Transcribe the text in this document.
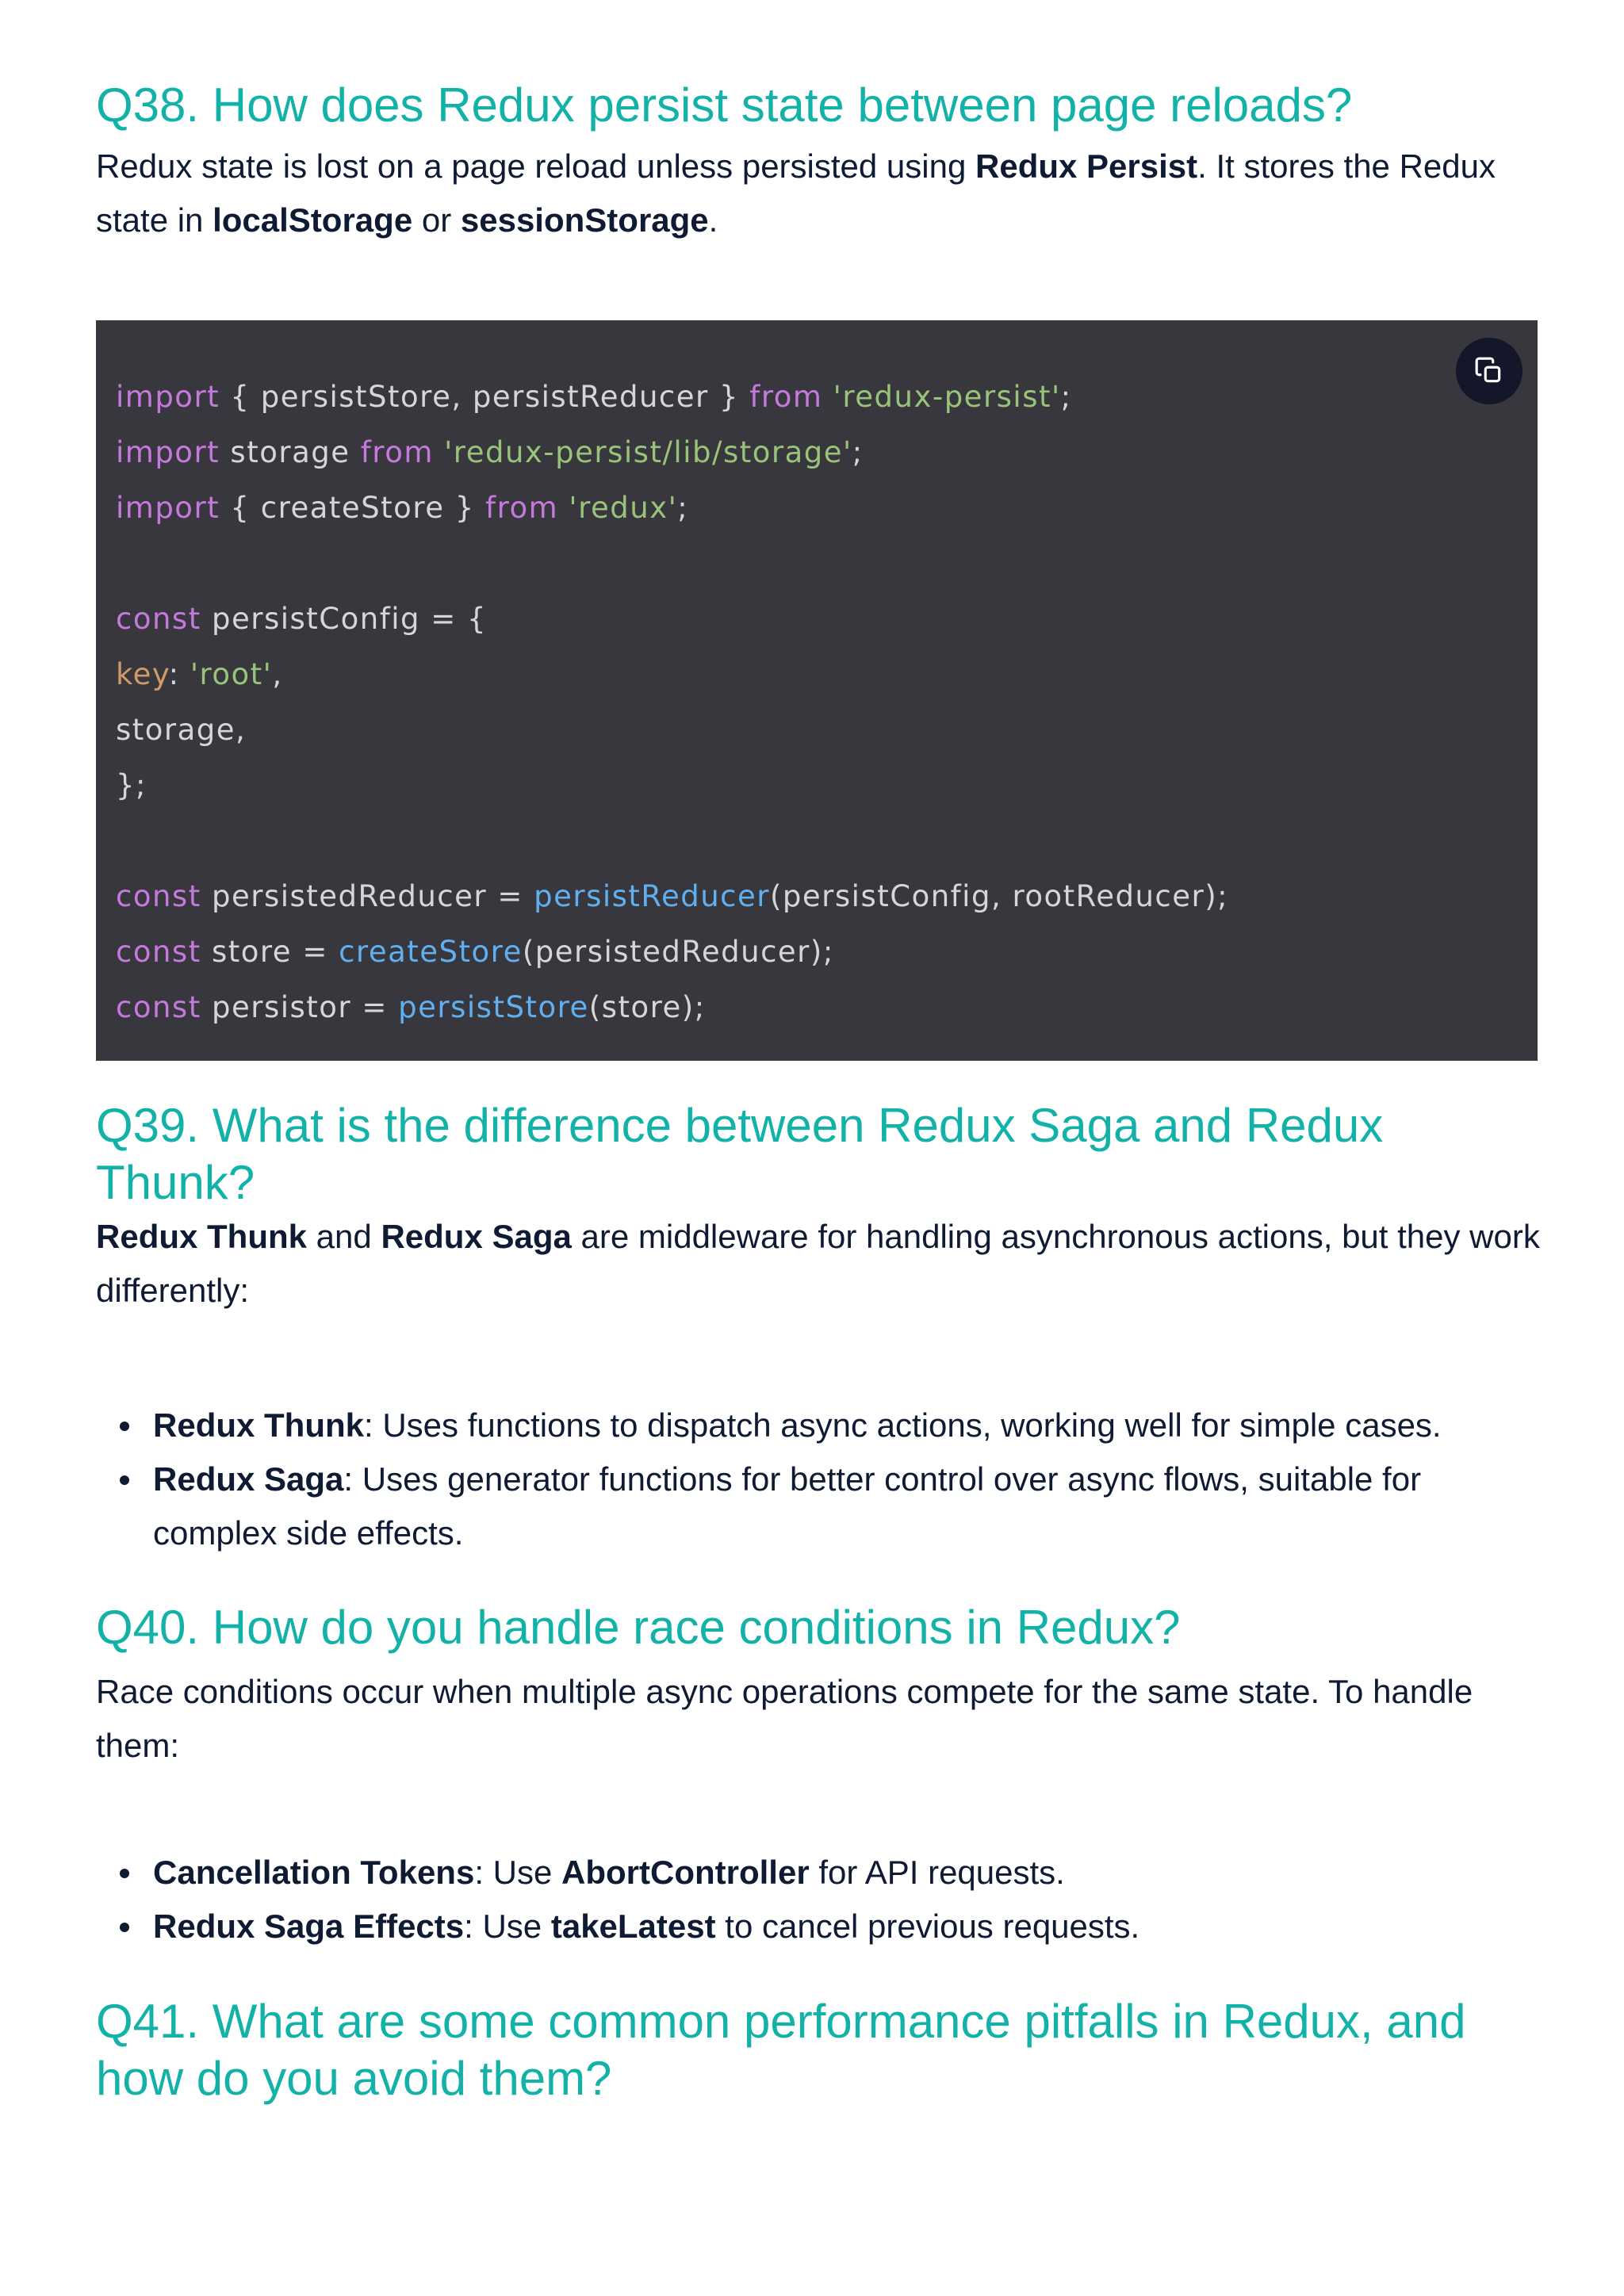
Q38. How does Redux persist state between page reloads?

Redux state is lost on a page reload unless persisted using Redux Persist. It stores the Redux state in localStorage or sessionStorage.

import { persistStore, persistReducer } from 'redux-persist';
import storage from 'redux-persist/lib/storage';
import { createStore } from 'redux';
const persistConfig = {
key: 'root',
storage,
};
const persistedReducer = persistReducer(persistConfig, rootReducer);
const store = createStore(persistedReducer);
const persistor = persistStore(store);
Q39. What is the difference between Redux Saga and Redux Thunk?

Redux Thunk and Redux Saga are middleware for handling asynchronous actions, but they work differently:

Redux Thunk: Uses functions to dispatch async actions, working well for simple cases.
Redux Saga: Uses generator functions for better control over async flows, suitable for complex side effects.
Q40. How do you handle race conditions in Redux?

Race conditions occur when multiple async operations compete for the same state. To handle them:

Cancellation Tokens: Use AbortController for API requests.
Redux Saga Effects: Use takeLatest to cancel previous requests.
Q41. What are some common performance pitfalls in Redux, and how do you avoid them?
